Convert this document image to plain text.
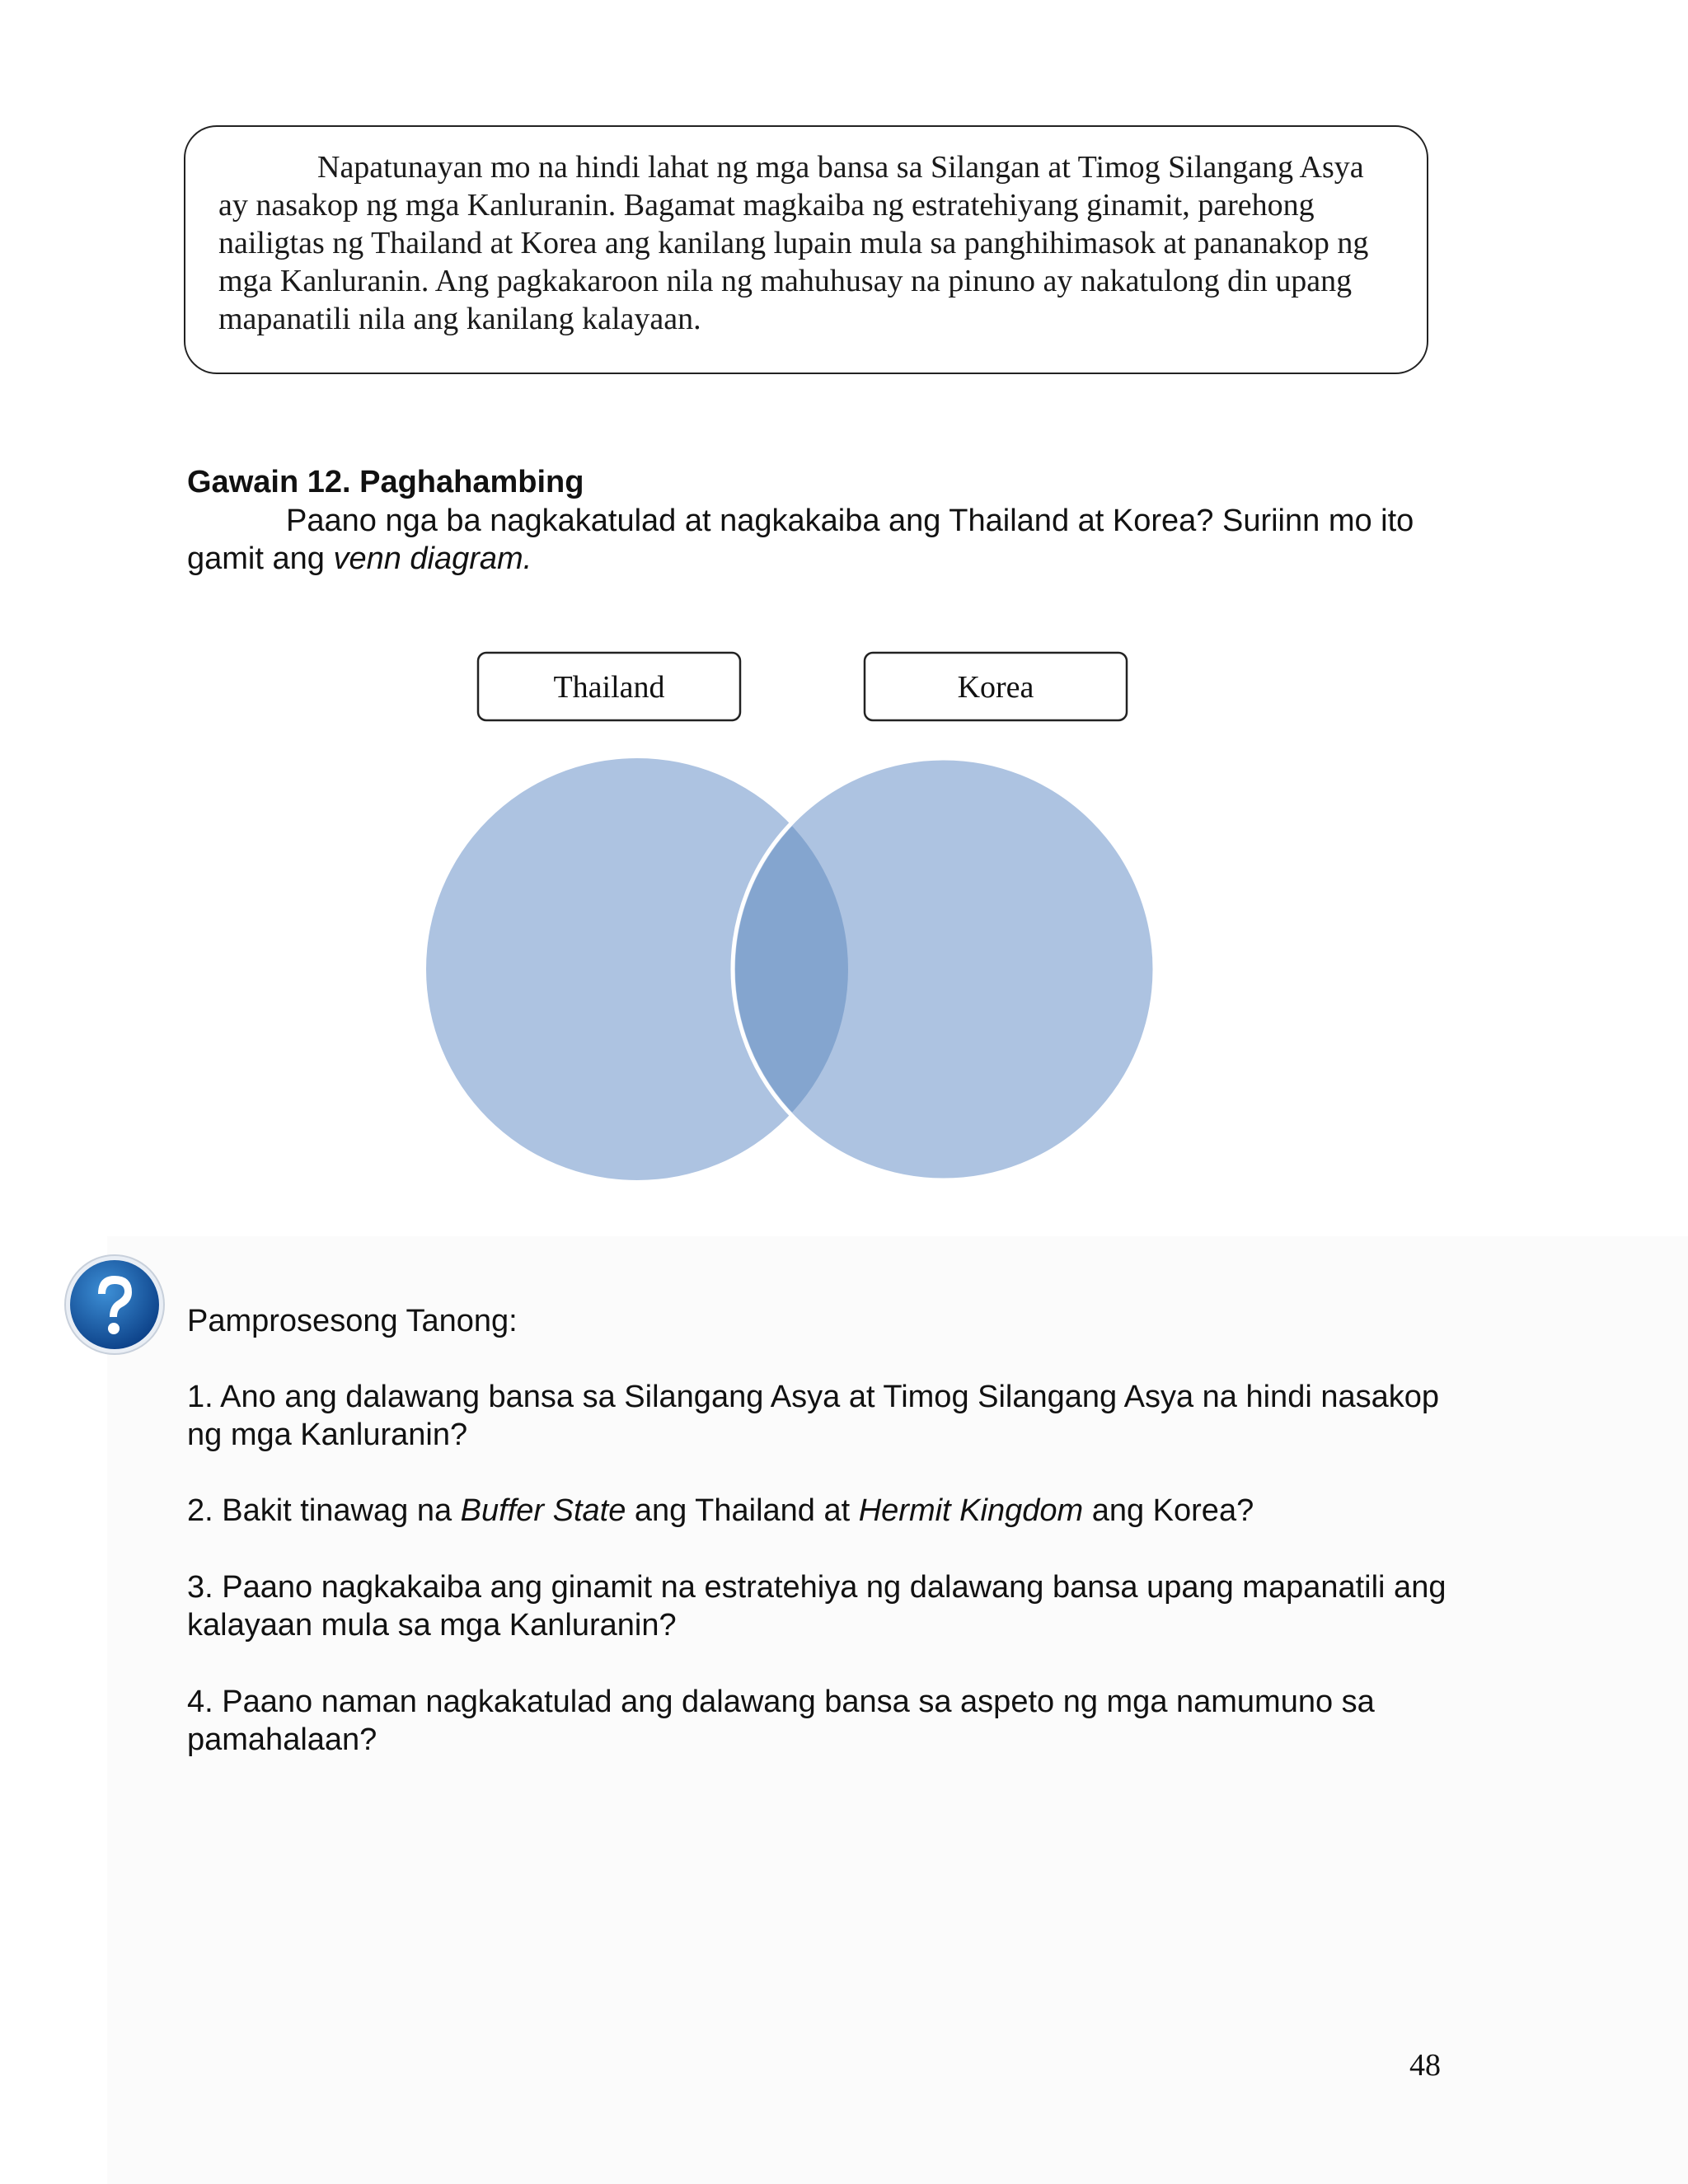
Napatunayan mo na hindi lahat ng mga bansa sa Silangan at Timog Silangang Asya ay nasakop ng mga Kanluranin. Bagamat magkaiba ng estratehiyang ginamit, parehong nailigtas ng Thailand at Korea ang kanilang lupain mula sa panghihimasok at pananakop ng mga Kanluranin. Ang pagkakaroon nila ng mahuhusay na pinuno ay nakatulong din upang mapanatili nila ang kanilang kalayaan.

Gawain 12. Paghahambing

Paano nga ba nagkakatulad at nagkakaiba ang Thailand at Korea? Suriinn mo ito gamit ang venn diagram.

Thailand	Korea

Pamprosesong Tanong:

1. Ano ang dalawang bansa sa Silangang Asya at Timog Silangang Asya na hindi nasakop ng mga Kanluranin?

2. Bakit tinawag na Buffer State ang Thailand at Hermit Kingdom ang Korea?

3. Paano nagkakaiba ang ginamit na estratehiya ng dalawang bansa upang mapanatili ang kalayaan mula sa mga Kanluranin?

4. Paano naman nagkakatulad ang dalawang bansa sa aspeto ng mga namumuno sa pamahalaan?

48
